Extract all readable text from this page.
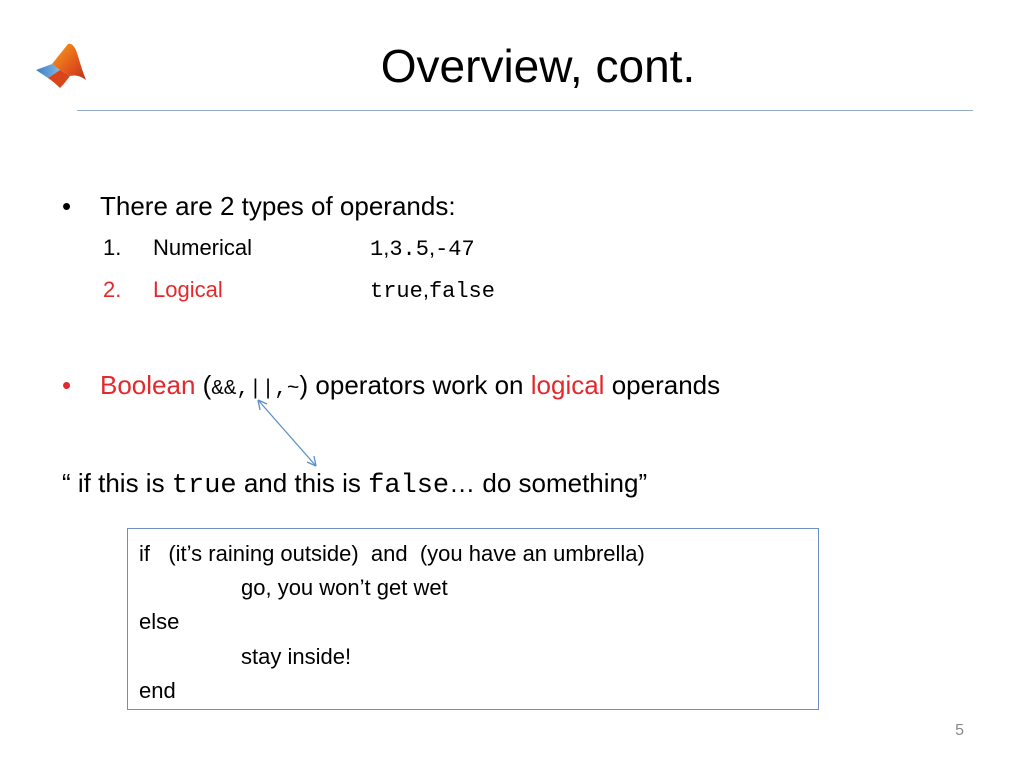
Overview, cont.
• There are 2 types of operands:
1. Numerical	1,3.5,-47
2. Logical	true,false
• Boolean (&&,||,~) operators work on logical operands
“ if this is true and this is false… do something”
if   (it’s raining outside)  and  (you have an umbrella)
go, you won’t get wet
else
stay inside!
end
5
